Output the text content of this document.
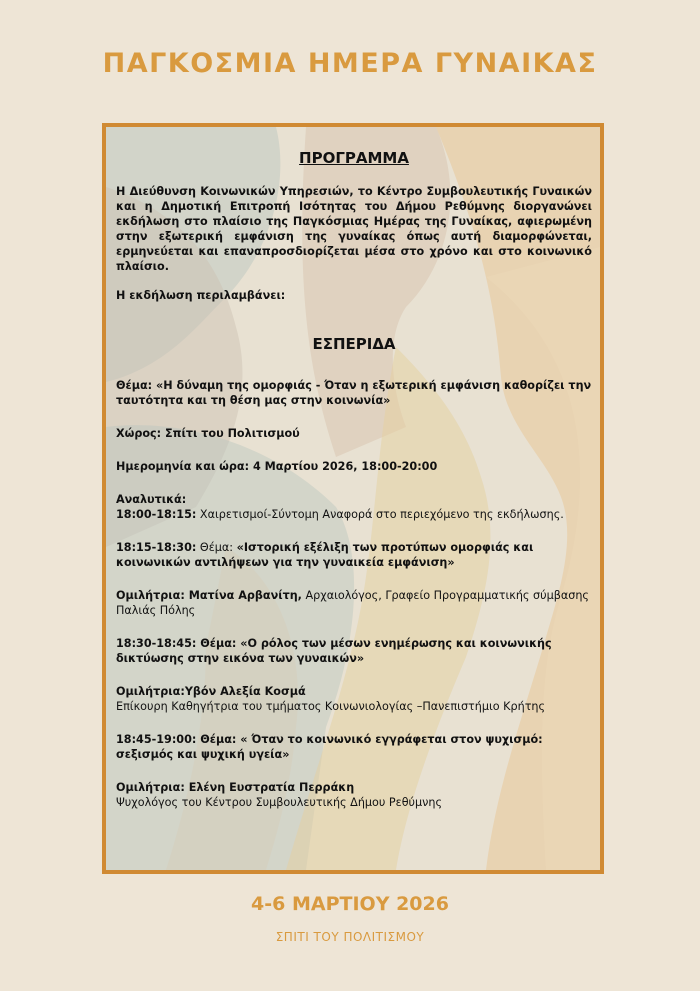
ΠΑΓΚΟΣΜΙΑ ΗΜΕΡΑ ΓΥΝΑΙΚΑΣ
ΠΡΟΓΡΑΜΜΑ

Η Διεύθυνση Κοινωνικών Υπηρεσιών, το Κέντρο Συμβουλευτικής Γυναικών και η Δημοτική Επιτροπή Ισότητας του Δήμου Ρεθύμνης διοργανώνει εκδήλωση στο πλαίσιο της Παγκόσμιας Ημέρας της Γυναίκας, αφιερωμένη στην εξωτερική εμφάνιση της γυναίκας όπως αυτή διαμορφώνεται, ερμηνεύεται και επαναπροσδιορίζεται μέσα στο χρόνο και στο κοινωνικό πλαίσιο.

Η εκδήλωση περιλαμβάνει:

ΕΣΠΕΡΙΔΑ

Θέμα: «Η δύναμη της ομορφιάς - Όταν η εξωτερική εμφάνιση καθορίζει την ταυτότητα και τη θέση μας στην κοινωνία»

Χώρος: Σπίτι του Πολιτισμού

Ημερομηνία και ώρα: 4 Μαρτίου 2026, 18:00-20:00

Αναλυτικά:

18:00-18:15: Χαιρετισμοί-Σύντομη Αναφορά στο περιεχόμενο της εκδήλωσης.

18:15-18:30: Θέμα: «Ιστορική εξέλιξη των προτύπων ομορφιάς και κοινωνικών αντιλήψεων για την γυναικεία εμφάνιση»

Ομιλήτρια: Ματίνα Αρβανίτη, Αρχαιολόγος, Γραφείο Προγραμματικής σύμβασης Παλιάς Πόλης

18:30-18:45: Θέμα: «Ο ρόλος των μέσων ενημέρωσης και κοινωνικής δικτύωσης στην εικόνα των γυναικών»

Ομιλήτρια:Υβόν Αλεξία Κοσμά

Επίκουρη Καθηγήτρια του τμήματος Κοινωνιολογίας –Πανεπιστήμιο Κρήτης

18:45-19:00: Θέμα: « Όταν το κοινωνικό εγγράφεται στον ψυχισμό: σεξισμός και ψυχική υγεία»

Ομιλήτρια: Ελένη Ευστρατία Περράκη

Ψυχολόγος του Κέντρου Συμβουλευτικής Δήμου Ρεθύμνης

4-6 ΜΑΡΤΙΟΥ 2026
ΣΠΙΤΙ ΤΟΥ ΠΟΛΙΤΙΣΜΟΥ
